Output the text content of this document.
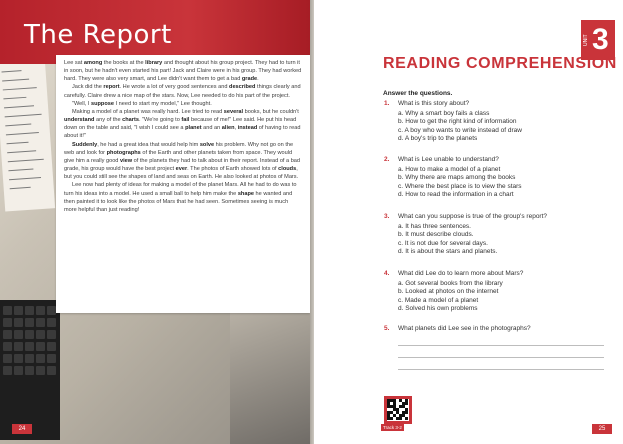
The Report

Lee sat among the books at the library and thought about his group project. They had to turn it in soon, but he hadn't even started his part! Jack and Claire were in his group. They had worked hard. They were also very smart, and Lee didn't want them to get a bad grade.

Jack did the report. He wrote a lot of very good sentences and described things clearly and carefully. Claire drew a nice map of the stars. Now, Lee needed to do his part of the project.

"Well, I suppose I need to start my model," Lee thought.

Making a model of a planet was really hard. Lee tried to read several books, but he couldn't understand any of the charts. "We're going to fail because of me!" Lee said. He put his head down on the table and said, "I wish I could see a planet and an alien, instead of having to read about it!"

Suddenly, he had a great idea that would help him solve his problem. Why not go on the web and look for photographs of the Earth and other planets taken from space. They would give him a really good view of the planets they had to talk about in their report. Instead of a bad grade, his group would have the best project ever. The photos of Earth showed lots of clouds, but you could still see the shapes of land and seas on Earth. He also looked at photos of Mars.

Lee now had plenty of ideas for making a model of the planet Mars. All he had to do was to turn his ideas into a model. He used a small ball to help him make the shape he wanted and then painted it to look like the photos of Mars that he had seen. Sometimes seeing is much more helpful than just reading!

24
UNIT 3
READING COMPREHENSION
Answer the questions.
1. What is this story about?
a. Why a smart boy fails a class
b. How to get the right kind of information
c. A boy who wants to write instead of draw
d. A boy's trip to the planets
2. What is Lee unable to understand?
a. How to make a model of a planet
b. Why there are maps among the books
c. Where the best place is to view the stars
d. How to read the information in a chart
3. What can you suppose is true of the group's report?
a. It has three sentences.
b. It must describe clouds.
c. It is not due for several days.
d. It is about the stars and planets.
4. What did Lee do to learn more about Mars?
a. Got several books from the library
b. Looked at photos on the internet
c. Made a model of a planet
d. Solved his own problems
5. What planets did Lee see in the photographs?
Track 3-2	25
